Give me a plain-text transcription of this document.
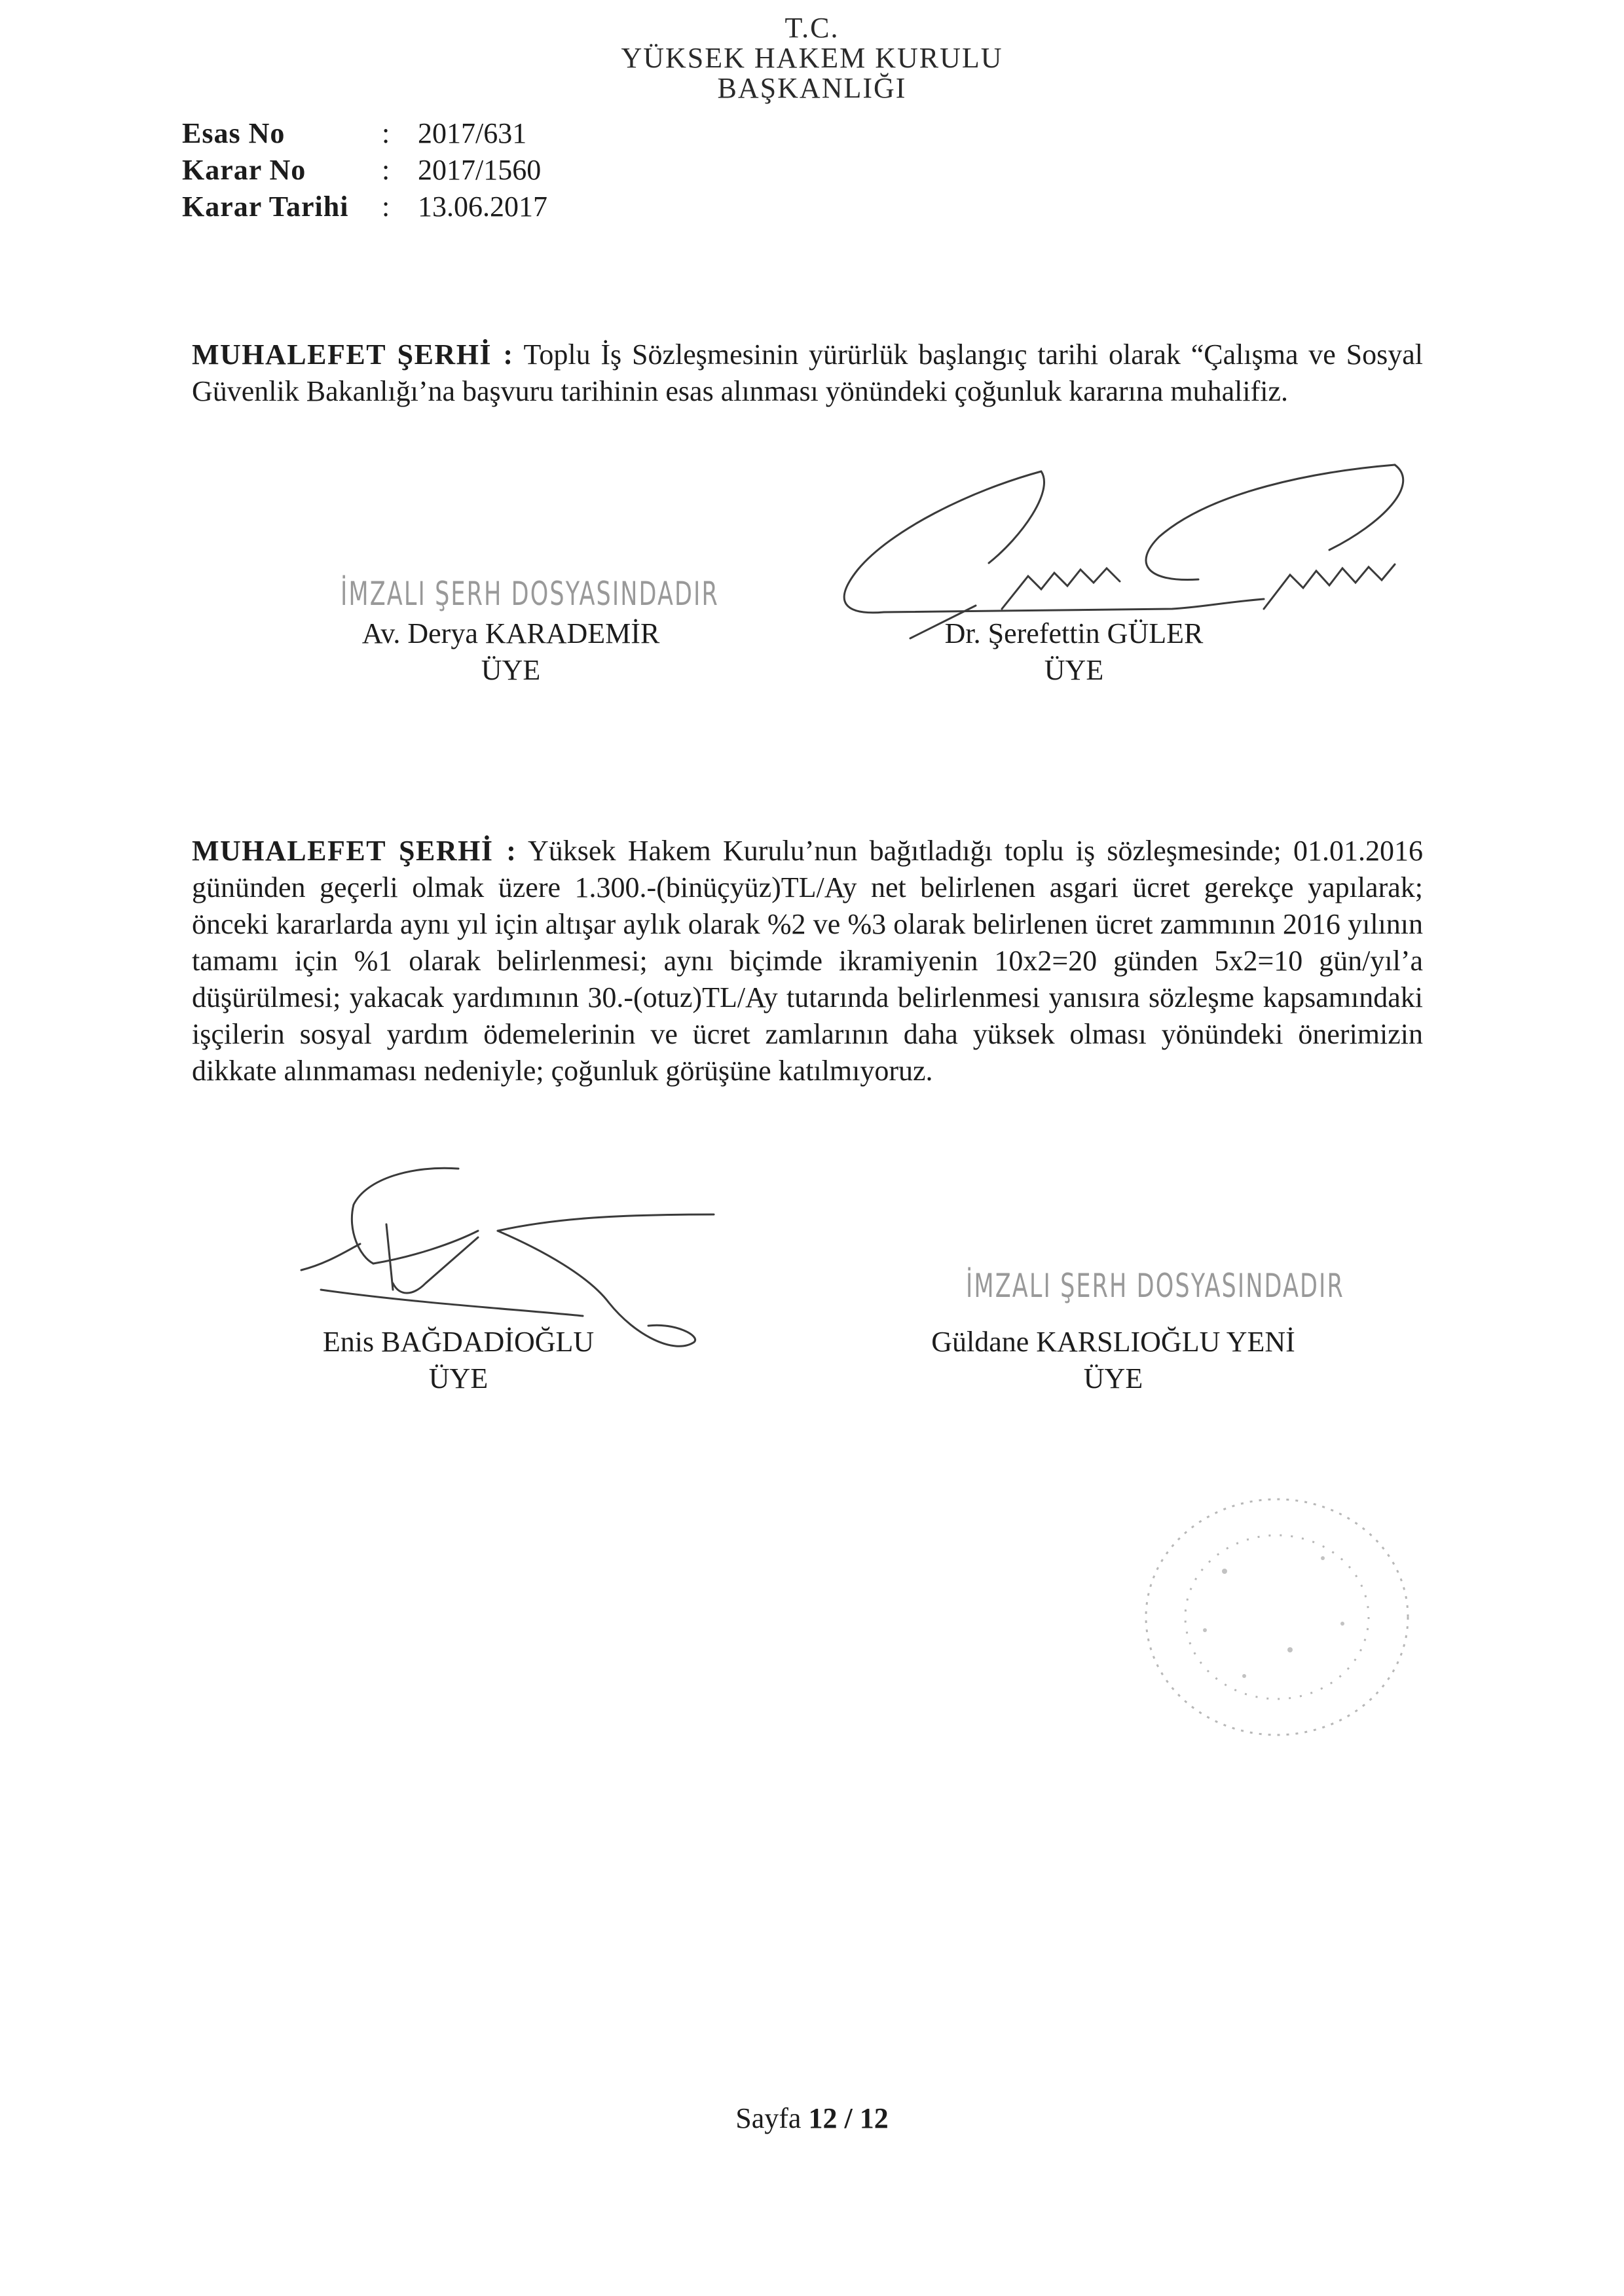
T.C.
YÜKSEK HAKEM KURULU
BAŞKANLIĞI
Esas No	: 2017/631
Karar No	: 2017/1560
Karar Tarihi	: 13.06.2017
MUHALEFET ŞERHİ : Toplu İş Sözleşmesinin yürürlük başlangıç tarihi olarak “Çalışma ve Sosyal Güvenlik Bakanlığı’na başvuru tarihinin esas alınması yönündeki çoğunluk kararına muhalifiz.
İMZALI ŞERH DOSYASINDADIR
Av. Derya KARADEMİR
ÜYE
Dr. Şerefettin GÜLER
ÜYE
MUHALEFET ŞERHİ : Yüksek Hakem Kurulu’nun bağıtladığı toplu iş sözleşmesinde; 01.01.2016 gününden geçerli olmak üzere 1.300.-(binüçyüz)TL/Ay net belirlenen asgari ücret gerekçe yapılarak; önceki kararlarda aynı yıl için altışar aylık olarak %2 ve %3 olarak belirlenen ücret zammının 2016 yılının tamamı için %1 olarak belirlenmesi; aynı biçimde ikramiyenin 10x2=20 günden 5x2=10 gün/yıl’a düşürülmesi; yakacak yardımının 30.-(otuz)TL/Ay tutarında belirlenmesi yanısıra sözleşme kapsamındaki işçilerin sosyal yardım ödemelerinin ve ücret zamlarının daha yüksek olması yönündeki önerimizin dikkate alınmaması nedeniyle; çoğunluk görüşüne katılmıyoruz.
Enis BAĞDADİOĞLU
ÜYE
İMZALI ŞERH DOSYASINDADIR
Güldane KARSLIOĞLU YENİ
ÜYE
Sayfa 12 / 12
